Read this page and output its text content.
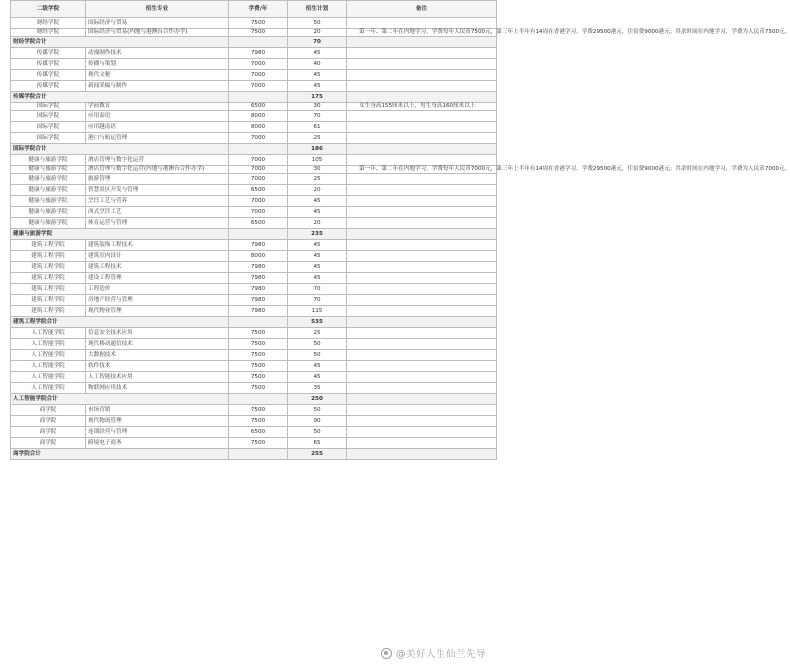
二级学院	招生专业	学费/年	招生计划	备注
财经学院	国际经济与贸易	7500	50	
财经学院	国际经济与贸易(内地与港澳台合作办学)	7500	20	第一年、第二年在内地学习，学费每年人民币7500元，第三年上半年有14周在香港学习，学费29500港元，住宿费9000港元；其余时间在内地学习，学费为人民币7500元。
财经学院合计			70	
传媒学院	动漫制作技术	7980	45	
传媒学院	传播与策划	7000	40	
传媒学院	现代文秘	7000	45	
传媒学院	新闻采编与制作	7000	45	
传媒学院合计			175	
国际学院	学前教育	6500	30	女生身高155厘米以上，男生身高160厘米以上
国际学院	应用泰语	8000	70	
国际学院	应用越南语	8000	61	
国际学院	港口与航运管理	7000	25	
国际学院合计			186	
健康与旅游学院	酒店管理与数字化运营	7000	105	
健康与旅游学院	酒店管理与数字化运营(内地与港澳台合作办学)	7000	30	第一年、第二年在内地学习，学费每年人民币7000元，第三年上半年有14周在香港学习，学费29500港元，住宿费9000港元；其余时间在内地学习，学费为人民币7000元。
健康与旅游学院	旅游管理	7000	25	
健康与旅游学院	智慧景区开发与管理	6500	20	
健康与旅游学院	烹饪工艺与营养	7000	45	
健康与旅游学院	西式烹饪工艺	7000	45	
健康与旅游学院	体育运营与管理	6500	20	
健康与旅游学院			235	
建筑工程学院	建筑装饰工程技术	7980	45	
建筑工程学院	建筑室内设计	8000	45	
建筑工程学院	建筑工程技术	7980	45	
建筑工程学院	建设工程管理	7980	45	
建筑工程学院	工程造价	7980	70	
建筑工程学院	房地产经营与管理	7980	70	
建筑工程学院	现代物业管理	7980	115	
建筑工程学院合计			535	
人工智能学院	信息安全技术应用	7500	25	
人工智能学院	现代移动通信技术	7500	50	
人工智能学院	大数据技术	7500	50	
人工智能学院	软件技术	7500	45	
人工智能学院	人工智能技术应用	7500	45	
人工智能学院	物联网应用技术	7500	35	
人工智能学院合计			250	
商学院	市场营销	7500	50	
商学院	现代物流管理	7500	90	
商学院	连锁经营与管理	6500	50	
商学院	跨境电子商务	7500	65	
商学院合计			255	
@美好人生仙兰先导
